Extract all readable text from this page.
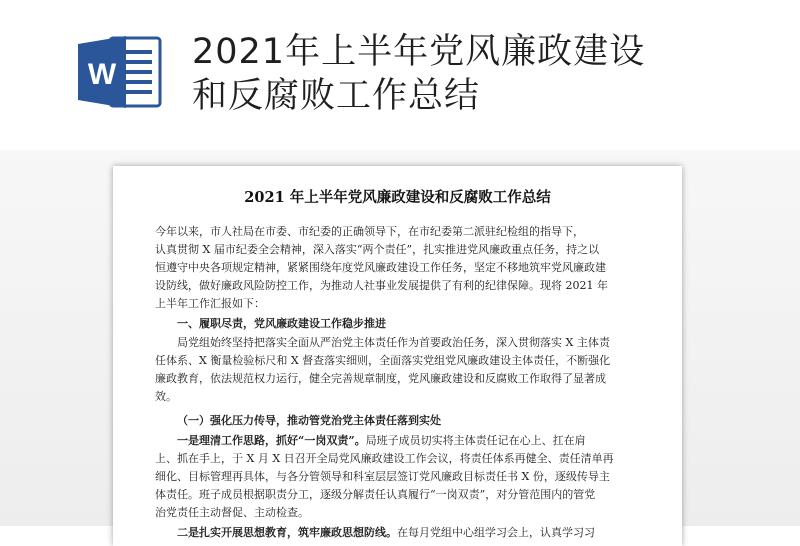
W
2021年上半年党风廉政建设
和反腐败工作总结
2021 年上半年党风廉政建设和反腐败工作总结
今年以来，市人社局在市委、市纪委的正确领导下，在市纪委第二派驻纪检组的指导下，
认真贯彻 X 届市纪委全会精神，深入落实“两个责任”，扎实推进党风廉政重点任务，持之以
恒遵守中央各项规定精神，紧紧围绕年度党风廉政建设工作任务，坚定不移地筑牢党风廉政建
设防线，做好廉政风险防控工作，为推动人社事业发展提供了有利的纪律保障。现将 2021 年
上半年工作汇报如下：
一、履职尽责，党风廉政建设工作稳步推进
局党组始终坚持把落实全面从严治党主体责任作为首要政治任务，深入贯彻落实 X 主体责
任体系、X 衡量检验标尺和 X 督查落实细则，全面落实党组党风廉政建设主体责任，不断强化
廉政教育，依法规范权力运行，健全完善规章制度，党风廉政建设和反腐败工作取得了显著成
效。
（一）强化压力传导，推动管党治党主体责任落到实处
一是理清工作思路，抓好“一岗双责”。局班子成员切实将主体责任记在心上、扛在肩
上、抓在手上，于 X 月 X 日召开全局党风廉政建设工作会议，将责任体系再健全、责任清单再
细化、目标管理再具体，与各分管领导和科室层层签订党风廉政目标责任书 X 份，逐级传导主
体责任。班子成员根据职责分工，逐级分解责任认真履行“一岗双责”，对分管范围内的管党
治党责任主动督促、主动检查。
二是扎实开展思想教育，筑牢廉政思想防线。在每月党组中心组学习会上，认真学习习
